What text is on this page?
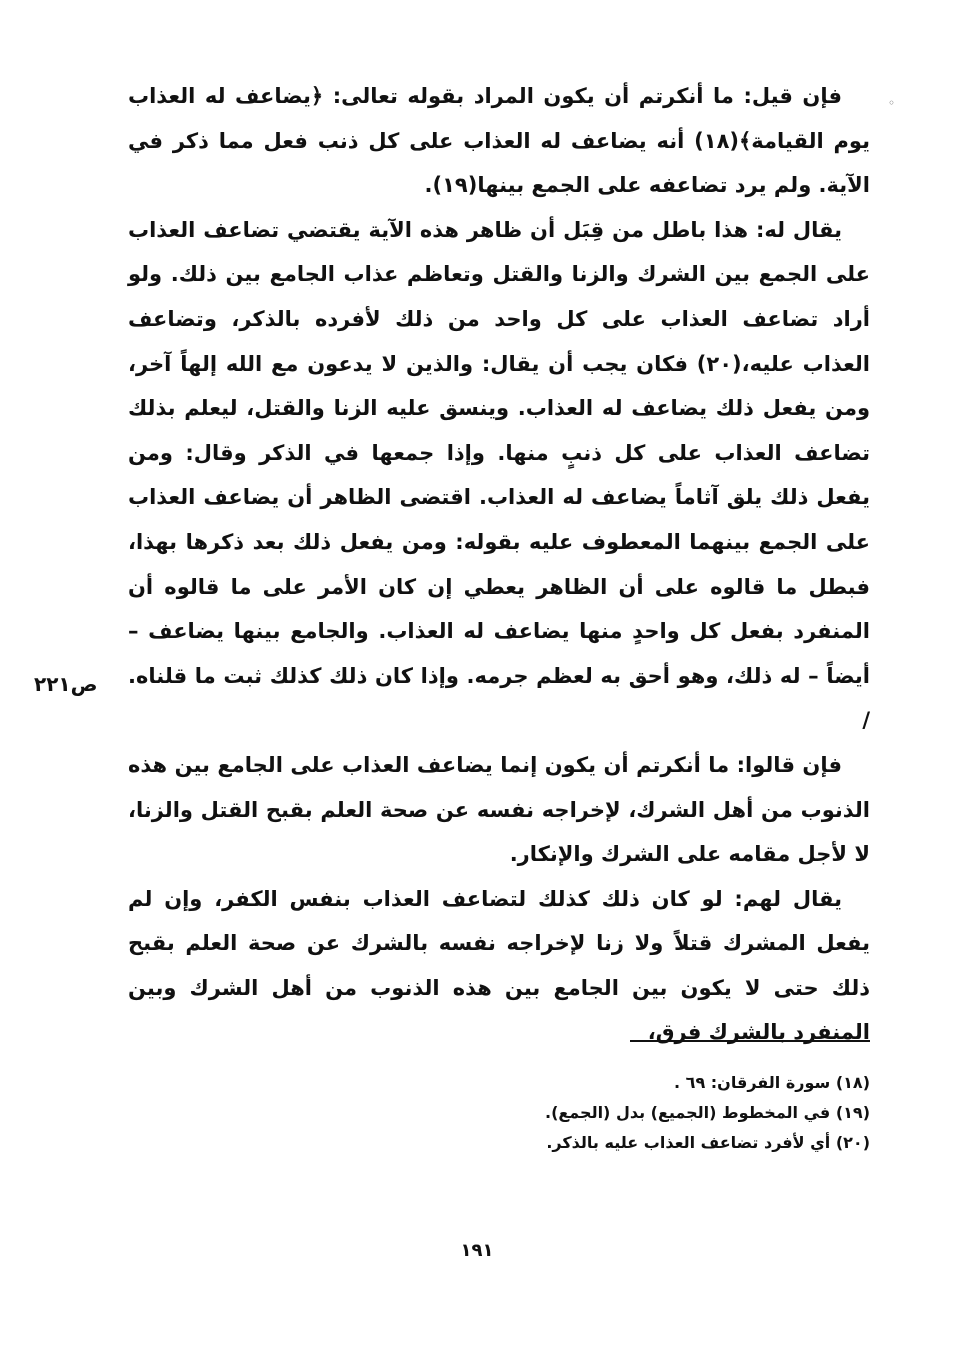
◦

فإن قيل: ما أنكرتم أن يكون المراد بقوله تعالى: ﴿يضاعف له العذاب يوم القيامة﴾(١٨) أنه يضاعف له العذاب على كل ذنب فعل مما ذكر في الآية. ولم يرد تضاعفه على الجمع بينها(١٩).

يقال له: هذا باطل من قِبَل أن ظاهر هذه الآية يقتضي تضاعف العذاب على الجمع بين الشرك والزنا والقتل وتعاظم عذاب الجامع بين ذلك. ولو أراد تضاعف العذاب على كل واحد من ذلك لأفرده بالذكر، وتضاعف العذاب عليه،(٢٠) فكان يجب أن يقال: والذين لا يدعون مع الله إلهاً آخر، ومن يفعل ذلك يضاعف له العذاب. وينسق عليه الزنا والقتل، ليعلم بذلك تضاعف العذاب على كل ذنبٍ منها. وإذا جمعها في الذكر وقال: ومن يفعل ذلك يلق آثاماً يضاعف له العذاب. اقتضى الظاهر أن يضاعف العذاب على الجمع بينهما المعطوف عليه بقوله: ومن يفعل ذلك بعد ذكرها بهذا، فبطل ما قالوه على أن الظاهر يعطي إن كان الأمر على ما قالوه أن المنفرد بفعل كل واحدٍ منها يضاعف له العذاب. والجامع بينها يضاعف – أيضاً – له ذلك، وهو أحق به لعظم جرمه. وإذا كان ذلك كذلك ثبت ما قلناه. /

فإن قالوا: ما أنكرتم أن يكون إنما يضاعف العذاب على الجامع بين هذه الذنوب من أهل الشرك، لإخراجه نفسه عن صحة العلم بقبح القتل والزنا، لا لأجل مقامه على الشرك والإنكار.

يقال لهم: لو كان ذلك كذلك لتضاعف العذاب بنفس الكفر، وإن لم يفعل المشرك قتلاً ولا زنا لإخراجه نفسه بالشرك عن صحة العلم بقبح ذلك حتى لا يكون بين الجامع بين هذه الذنوب من أهل الشرك وبين المنفرد بالشرك فرق،

ص٢٢١

(١٨) سورة الفرقان: ٦٩ .

(١٩) في المخطوط (الجميع) بدل (الجمع).

(٢٠) أي لأفرد تضاعف العذاب عليه بالذكر.

١٩١
